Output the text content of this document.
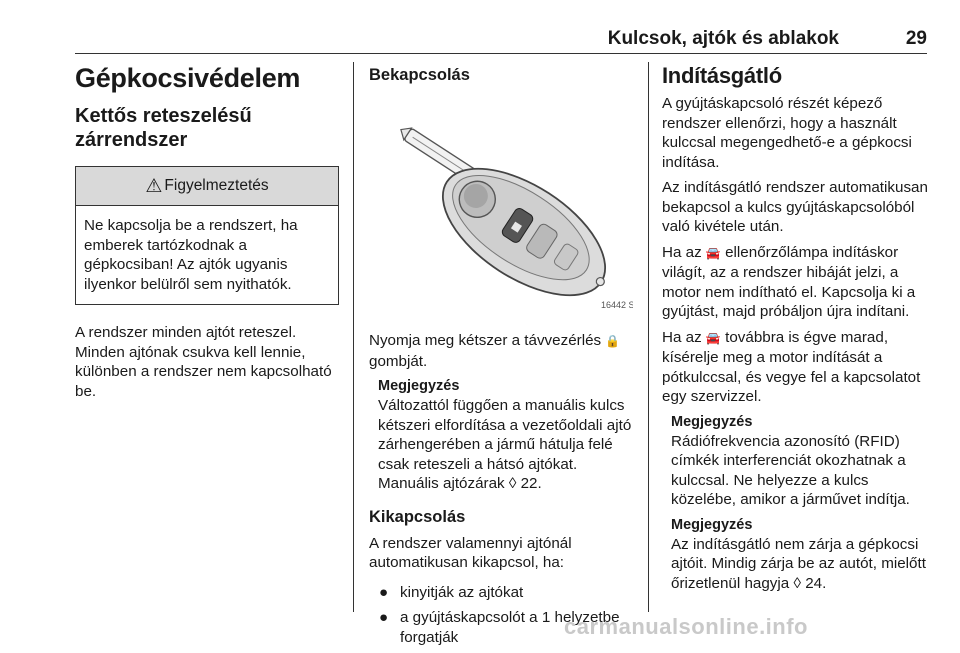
Kulcsok, ajtók és ablakok	29
Gépkocsivédelem
Kettős reteszelésű zárrendszer
⚠ Figyelmeztetés

Ne kapcsolja be a rendszert, ha emberek tartózkodnak a gépkocsiban! Az ajtók ugyanis ilyenkor belülről sem nyithatók.

A rendszer minden ajtót reteszel. Minden ajtónak csukva kell lennie, különben a rendszer nem kapcsolható be.

Bekapcsolás
16442 S

Nyomja meg kétszer a távvezérlés 🔒 gombját.

Megjegyzés

Változattól függően a manuális kulcs kétszeri elfordítása a vezetőoldali ajtó zárhengerében a jármű hátulja felé csak reteszeli a hátsó ajtókat. Manuális ajtózárak ◊ 22.

Kikapcsolás

A rendszer valamennyi ajtónál automatikusan kikapcsol, ha:

● kinyitják az ajtókat
● a gyújtáskapcsolót a 1 helyzetbe forgatják
Indításgátló

A gyújtáskapcsoló részét képező rendszer ellenőrzi, hogy a használt kulccsal megengedhető-e a gépkocsi indítása.

Az indításgátló rendszer automatikusan bekapcsol a kulcs gyújtáskapcsolóból való kivétele után.

Ha az 🚘 ellenőrzőlámpa indításkor világít, az a rendszer hibáját jelzi, a motor nem indítható el. Kapcsolja ki a gyújtást, majd próbáljon újra indítani.

Ha az 🚘 továbbra is égve marad, kísérelje meg a motor indítását a pótkulccsal, és vegye fel a kapcsolatot egy szervizzel.

Megjegyzés

Rádiófrekvencia azonosító (RFID) címkék interferenciát okozhatnak a kulccsal. Ne helyezze a kulcs közelébe, amikor a járművet indítja.

Megjegyzés

Az indításgátló nem zárja a gépkocsi ajtóit. Mindig zárja be az autót, mielőtt őrizetlenül hagyja ◊ 24.

carmanualsonline.info
